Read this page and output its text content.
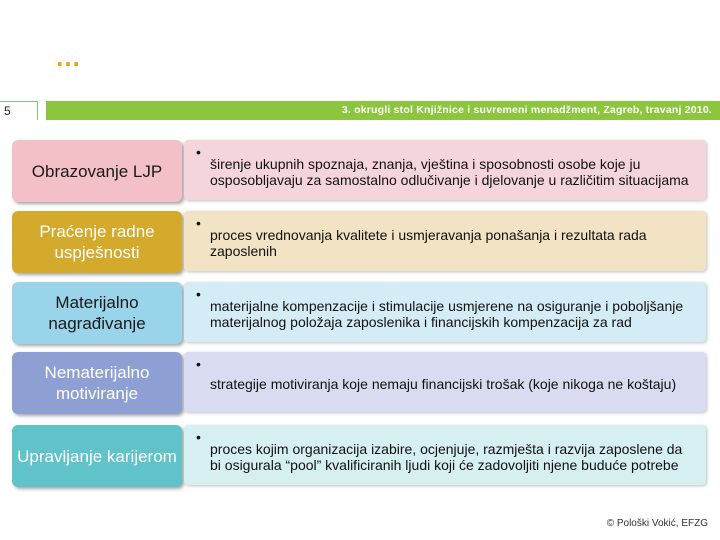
…
5	3. okrugli stol Knjižnice i suvremeni menadžment, Zagreb, travanj 2010.
Obrazovanje LJP
•
širenje ukupnih spoznaja, znanja, vještina i sposobnosti osobe koje ju osposobljavaju za samostalno odlučivanje i djelovanje u različitim situacijama
Praćenje radne uspješnosti
•
proces vrednovanja kvalitete i usmjeravanja ponašanja i rezultata rada zaposlenih
Materijalno nagrađivanje
•
materijalne kompenzacije i stimulacije usmjerene na osiguranje i poboljšanje materijalnog položaja zaposlenika i financijskih kompenzacija za rad
Nematerijalno motiviranje
•
strategije motiviranja koje nemaju financijski trošak (koje nikoga ne koštaju)
Upravljanje karijerom
•
proces kojim organizacija izabire, ocjenjuje, razmješta i razvija zaposlene da bi osigurala “pool” kvalificiranih ljudi koji će zadovoljiti njene buduće potrebe
© Pološki Vokić, EFZG
